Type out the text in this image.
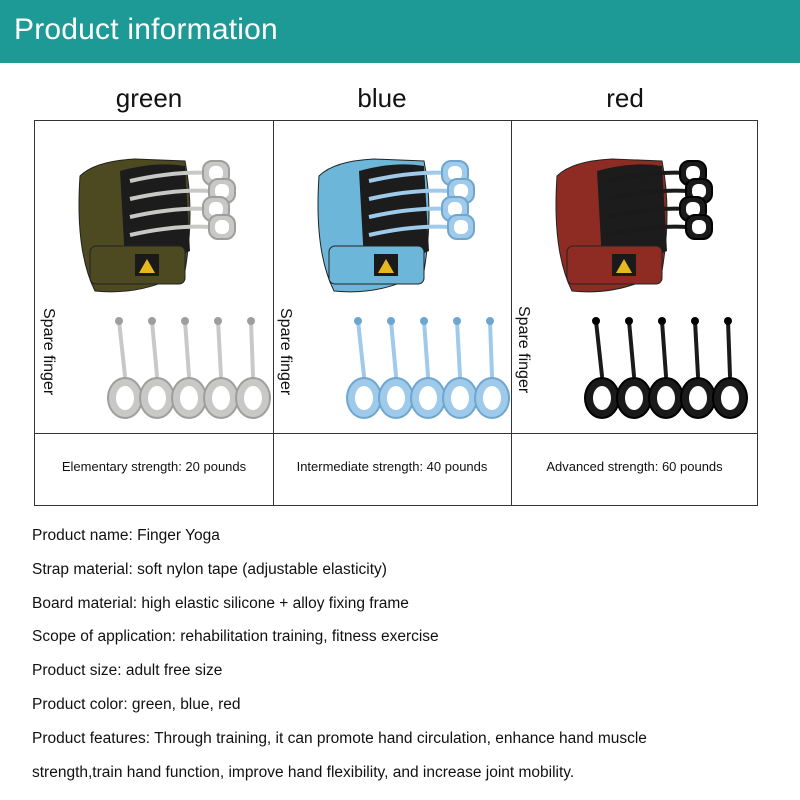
Product information
green	blue	red
Spare finger	Spare finger	Spare finger
Elementary strength: 20 pounds	Intermediate strength: 40 pounds	Advanced strength: 60 pounds
Product name: Finger Yoga
Strap material: soft nylon tape (adjustable elasticity)
Board material: high elastic silicone + alloy fixing frame
Scope of application: rehabilitation training, fitness exercise
Product size: adult free size
Product color: green, blue, red
Product features: Through training, it can promote hand circulation, enhance hand muscle
strength,train hand function, improve hand flexibility, and increase joint mobility.
